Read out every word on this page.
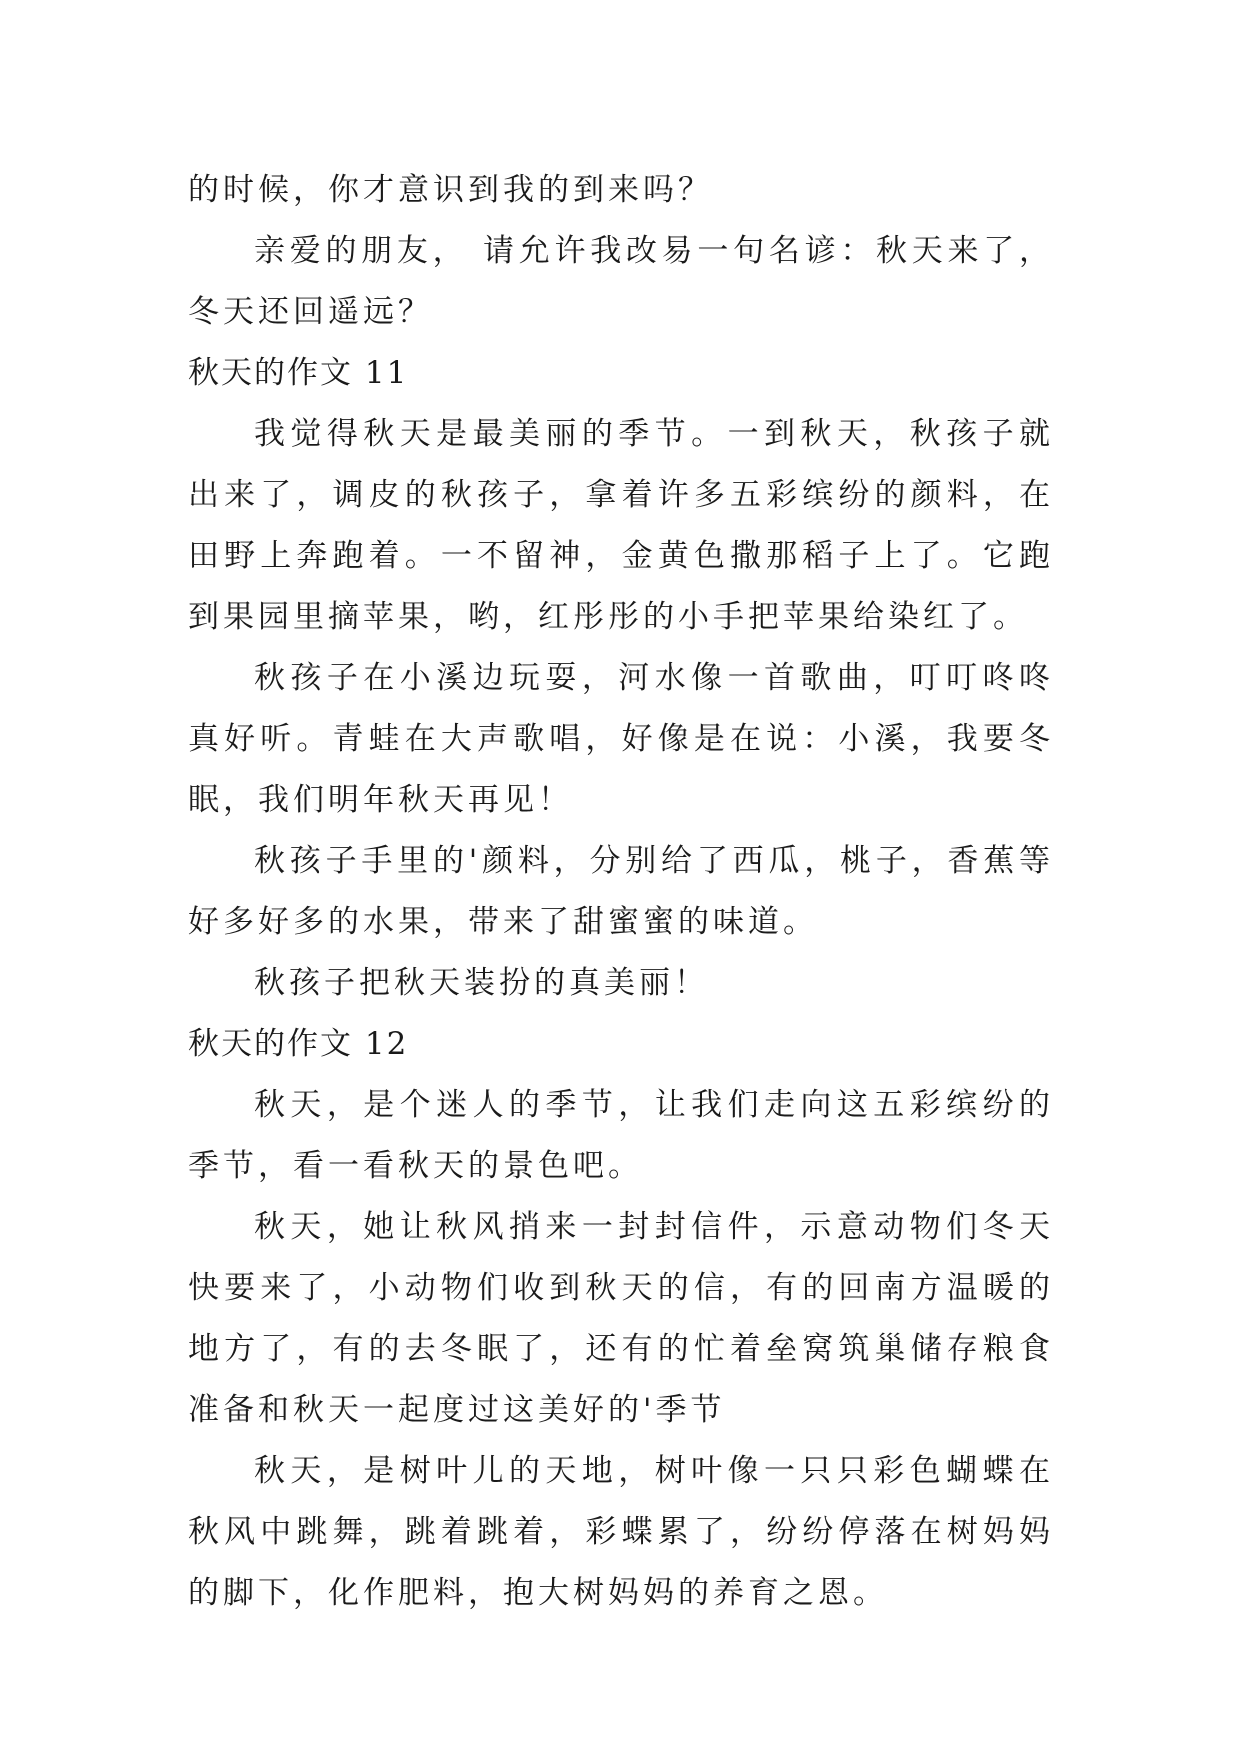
的时候，你才意识到我的到来吗？

亲爱的朋友， 请允许我改易一句名谚：秋天来了，冬天还回遥远？

秋天的作文 11

我觉得秋天是最美丽的季节。一到秋天，秋孩子就出来了，调皮的秋孩子，拿着许多五彩缤纷的颜料，在田野上奔跑着。一不留神，金黄色撒那稻子上了。它跑到果园里摘苹果，哟，红彤彤的小手把苹果给染红了。

秋孩子在小溪边玩耍，河水像一首歌曲，叮叮咚咚真好听。青蛙在大声歌唱，好像是在说：小溪，我要冬眠，我们明年秋天再见！

秋孩子手里的'颜料，分别给了西瓜，桃子，香蕉等好多好多的水果，带来了甜蜜蜜的味道。

秋孩子把秋天装扮的真美丽！

秋天的作文 12

秋天，是个迷人的季节，让我们走向这五彩缤纷的季节，看一看秋天的景色吧。

秋天，她让秋风捎来一封封信件，示意动物们冬天快要来了，小动物们收到秋天的信，有的回南方温暖的地方了，有的去冬眠了，还有的忙着垒窝筑巢储存粮食准备和秋天一起度过这美好的'季节

秋天，是树叶儿的天地，树叶像一只只彩色蝴蝶在秋风中跳舞，跳着跳着，彩蝶累了，纷纷停落在树妈妈的脚下，化作肥料，抱大树妈妈的养育之恩。
